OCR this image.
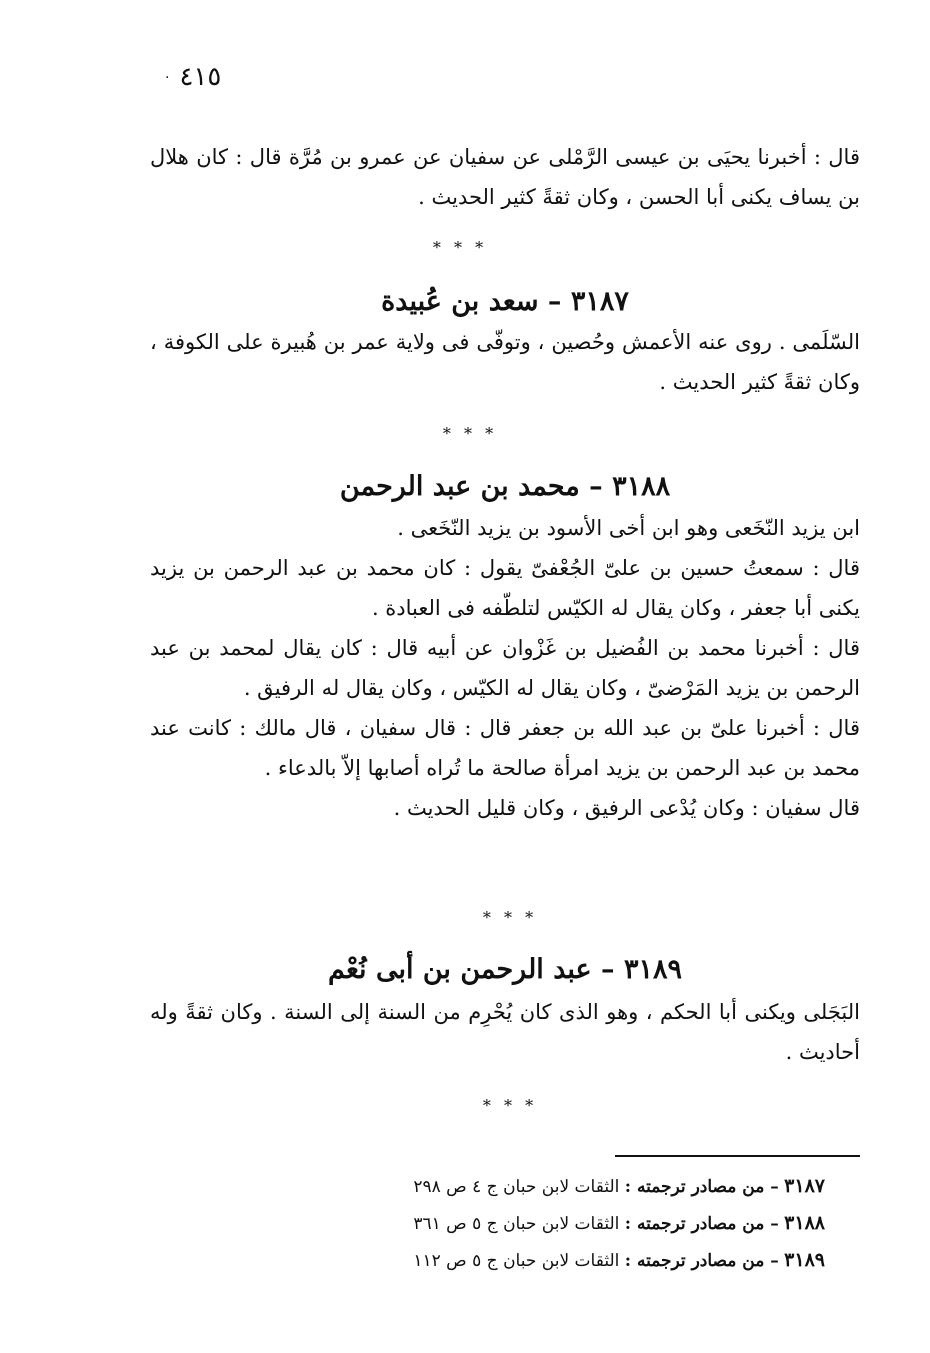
٤١٥·

قال : أخبرنا يحيَى بن عيسى الرَّمْلى عن سفيان عن عمرو بن مُرَّة قال : كان هلال بن يساف يكنى أبا الحسن ، وكان ثقةً كثير الحديث .

* * *
٣١٨٧ – سعد بن عُبيدة

السّلَمى . روى عنه الأعمش وحُصين ، وتوفّى فى ولاية عمر بن هُبيرة على الكوفة ، وكان ثقةً كثير الحديث .

* * *
٣١٨٨ – محمد بن عبد الرحمن

ابن يزيد النّخَعى وهو ابن أخى الأسود بن يزيد النّخَعى .

قال : سمعتُ حسين بن علىّ الجُعْفىّ يقول : كان محمد بن عبد الرحمن بن يزيد يكنى أبا جعفر ، وكان يقال له الكيّس لتلطّفه فى العبادة .

قال : أخبرنا محمد بن الفُضيل بن غَزْوان عن أبيه قال : كان يقال لمحمد بن عبد الرحمن بن يزيد المَرْضىّ ، وكان يقال له الكيّس ، وكان يقال له الرفيق .

قال : أخبرنا علىّ بن عبد الله بن جعفر قال : قال سفيان ، قال مالك : كانت عند محمد بن عبد الرحمن بن يزيد امرأة صالحة ما تُراه أصابها إلاّ بالدعاء .

قال سفيان : وكان يُدْعى الرفيق ، وكان قليل الحديث .

* * *
٣١٨٩ – عبد الرحمن بن أبى نُعْم

البَجَلى ويكنى أبا الحكم ، وهو الذى كان يُحْرِم من السنة إلى السنة . وكان ثقةً وله أحاديث .

* * *
٣١٨٧ – من مصادر ترجمته : الثقات لابن حبان ج ٤ ص ٢٩٨
٣١٨٨ – من مصادر ترجمته : الثقات لابن حبان ج ٥ ص ٣٦١
٣١٨٩ – من مصادر ترجمته : الثقات لابن حبان ج ٥ ص ١١٢
